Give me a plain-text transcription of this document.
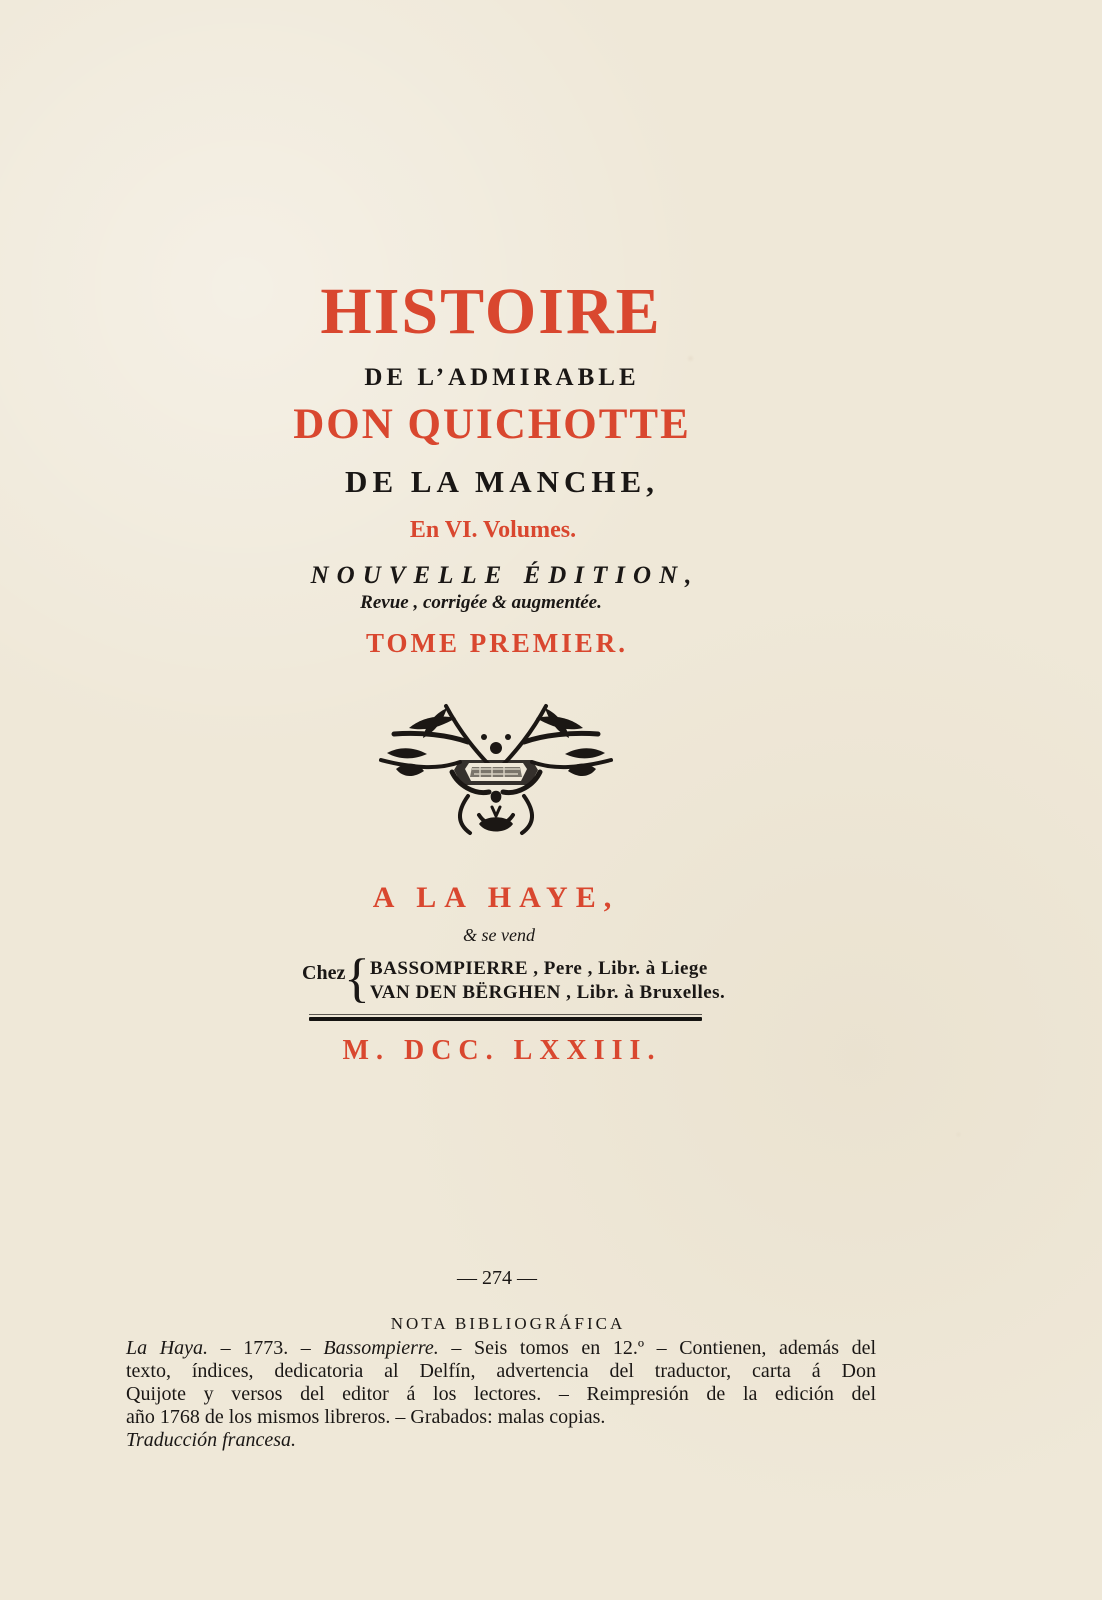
HISTOIRE
DE L’ADMIRABLE
DON QUICHOTTE
DE LA MANCHE,
En VI. Volumes.
NOUVELLE ÉDITION,
Revue , corrigée & augmentée.
TOME PREMIER.
A LA HAYE,
& se vend
Chez
{ BASSOMPIERRE , Pere , Libr. à Liege
VAN DEN BËRGHEN , Libr. à Bruxelles.
M. DCC. LXXIII.
— 274 —
NOTA BIBLIOGRÁFICA
La Haya. – 1773. – Bassompierre. – Seis tomos en 12.º – Contienen, además del
texto, índices, dedicatoria al Delfín, advertencia del traductor, carta á Don
Quijote y versos del editor á los lectores. – Reimpresión de la edición del
año 1768 de los mismos libreros. – Grabados: malas copias.
Traducción francesa.
